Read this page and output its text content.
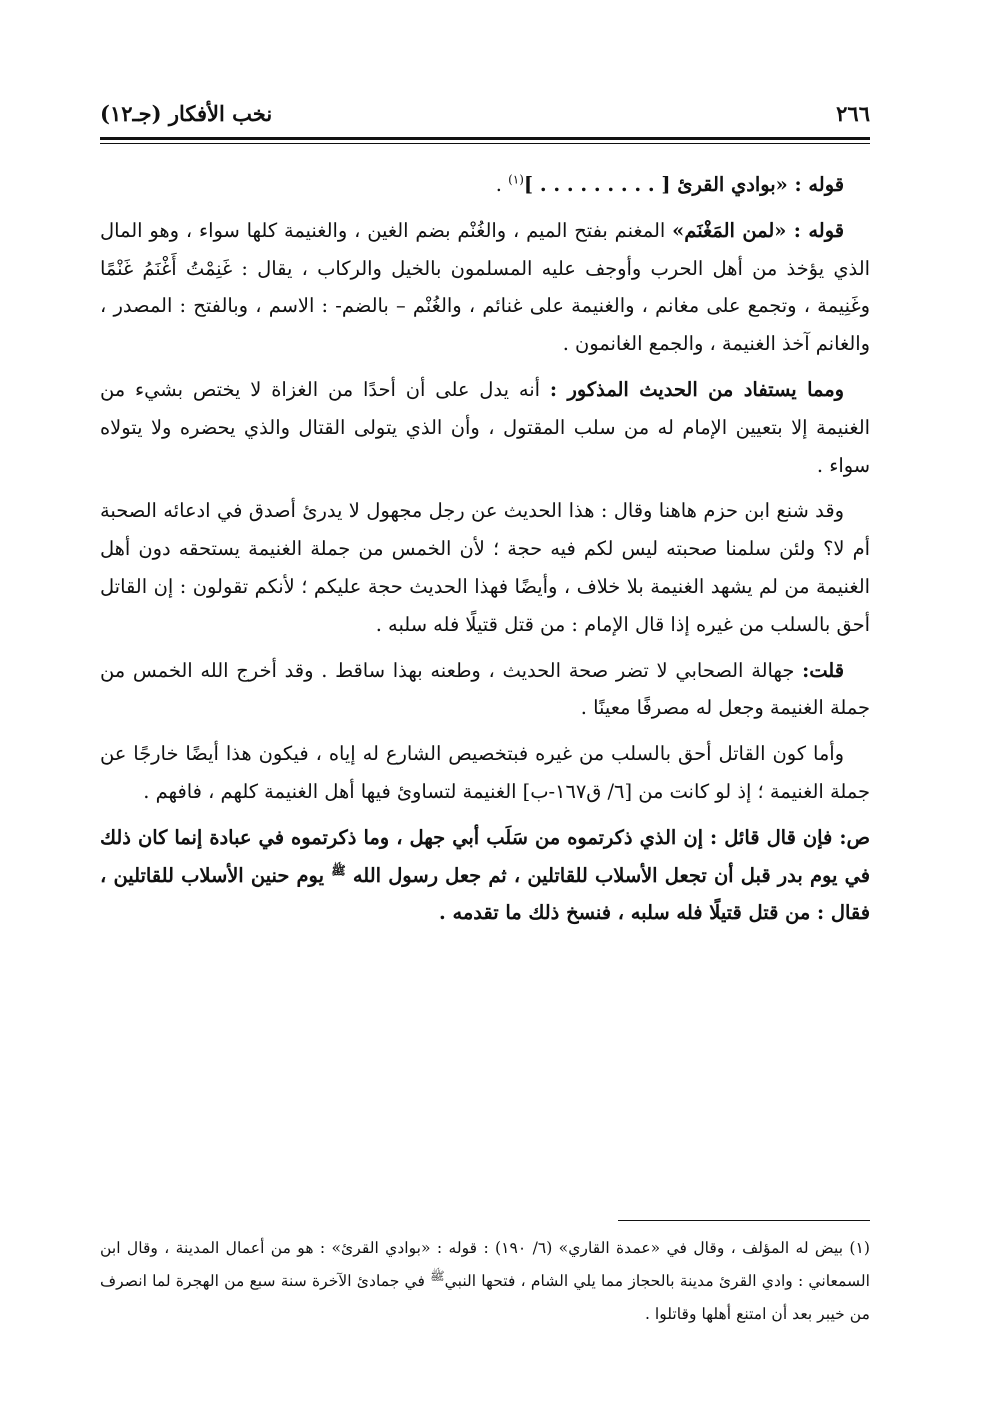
٢٦٦
نخب الأفكار (جـ١٢)

قوله : «بوادي القرئ [ . . . . . . . . . ]$^{(١)}$ .

قوله : «لمن المَغْنَم» المغنم بفتح الميم ، والغُنْم بضم الغين ، والغنيمة كلها سواء ، وهو المال الذي يؤخذ من أهل الحرب وأوجف عليه المسلمون بالخيل والركاب ، يقال : غَنِمْتُ أَغْنَمُ غَنْمًا وغَنِيمة ، وتجمع على مغانم ، والغنيمة على غنائم ، والغُنْم – بالضم- : الاسم ، وبالفتح : المصدر ، والغانم آخذ الغنيمة ، والجمع الغانمون .

ومما يستفاد من الحديث المذكور : أنه يدل على أن أحدًا من الغزاة لا يختص بشيء من الغنيمة إلا بتعيين الإمام له من سلب المقتول ، وأن الذي يتولى القتال والذي يحضره ولا يتولاه سواء .

وقد شنع ابن حزم هاهنا وقال : هذا الحديث عن رجل مجهول لا يدرئ أصدق في ادعائه الصحبة أم لا؟ ولئن سلمنا صحبته ليس لكم فيه حجة ؛ لأن الخمس من جملة الغنيمة يستحقه دون أهل الغنيمة من لم يشهد الغنيمة بلا خلاف ، وأيضًا فهذا الحديث حجة عليكم ؛ لأنكم تقولون : إن القاتل أحق بالسلب من غيره إذا قال الإمام : من قتل قتيلًا فله سلبه .

قلت: جهالة الصحابي لا تضر صحة الحديث ، وطعنه بهذا ساقط . وقد أخرج الله الخمس من جملة الغنيمة وجعل له مصرفًا معينًا .

وأما كون القاتل أحق بالسلب من غيره فبتخصيص الشارع له إياه ، فيكون هذا أيضًا خارجًا عن جملة الغنيمة ؛ إذ لو كانت من [٦/ ق١٦٧-ب] الغنيمة لتساوئ فيها أهل الغنيمة كلهم ، فافهم .

ص: فإن قال قائل : إن الذي ذكرتموه من سَلَب أبي جهل ، وما ذكرتموه في عبادة إنما كان ذلك في يوم بدر قبل أن تجعل الأسلاب للقاتلين ، ثم جعل رسول الله $^ﷺ$ يوم حنين الأسلاب للقاتلين ، فقال : من قتل قتيلًا فله سلبه ، فنسخ ذلك ما تقدمه .

(١) بيض له المؤلف ، وقال في «عمدة القاري» (٦/ ١٩٠) : قوله : «بوادي القرئ» : هو من أعمال المدينة ، وقال ابن السمعاني : وادي القرئ مدينة بالحجاز مما يلي الشام ، فتحها النبي$^ﷺ$ في جمادئ الآخرة سنة سبع من الهجرة لما انصرف من خيبر بعد أن امتنع أهلها وقاتلوا .
